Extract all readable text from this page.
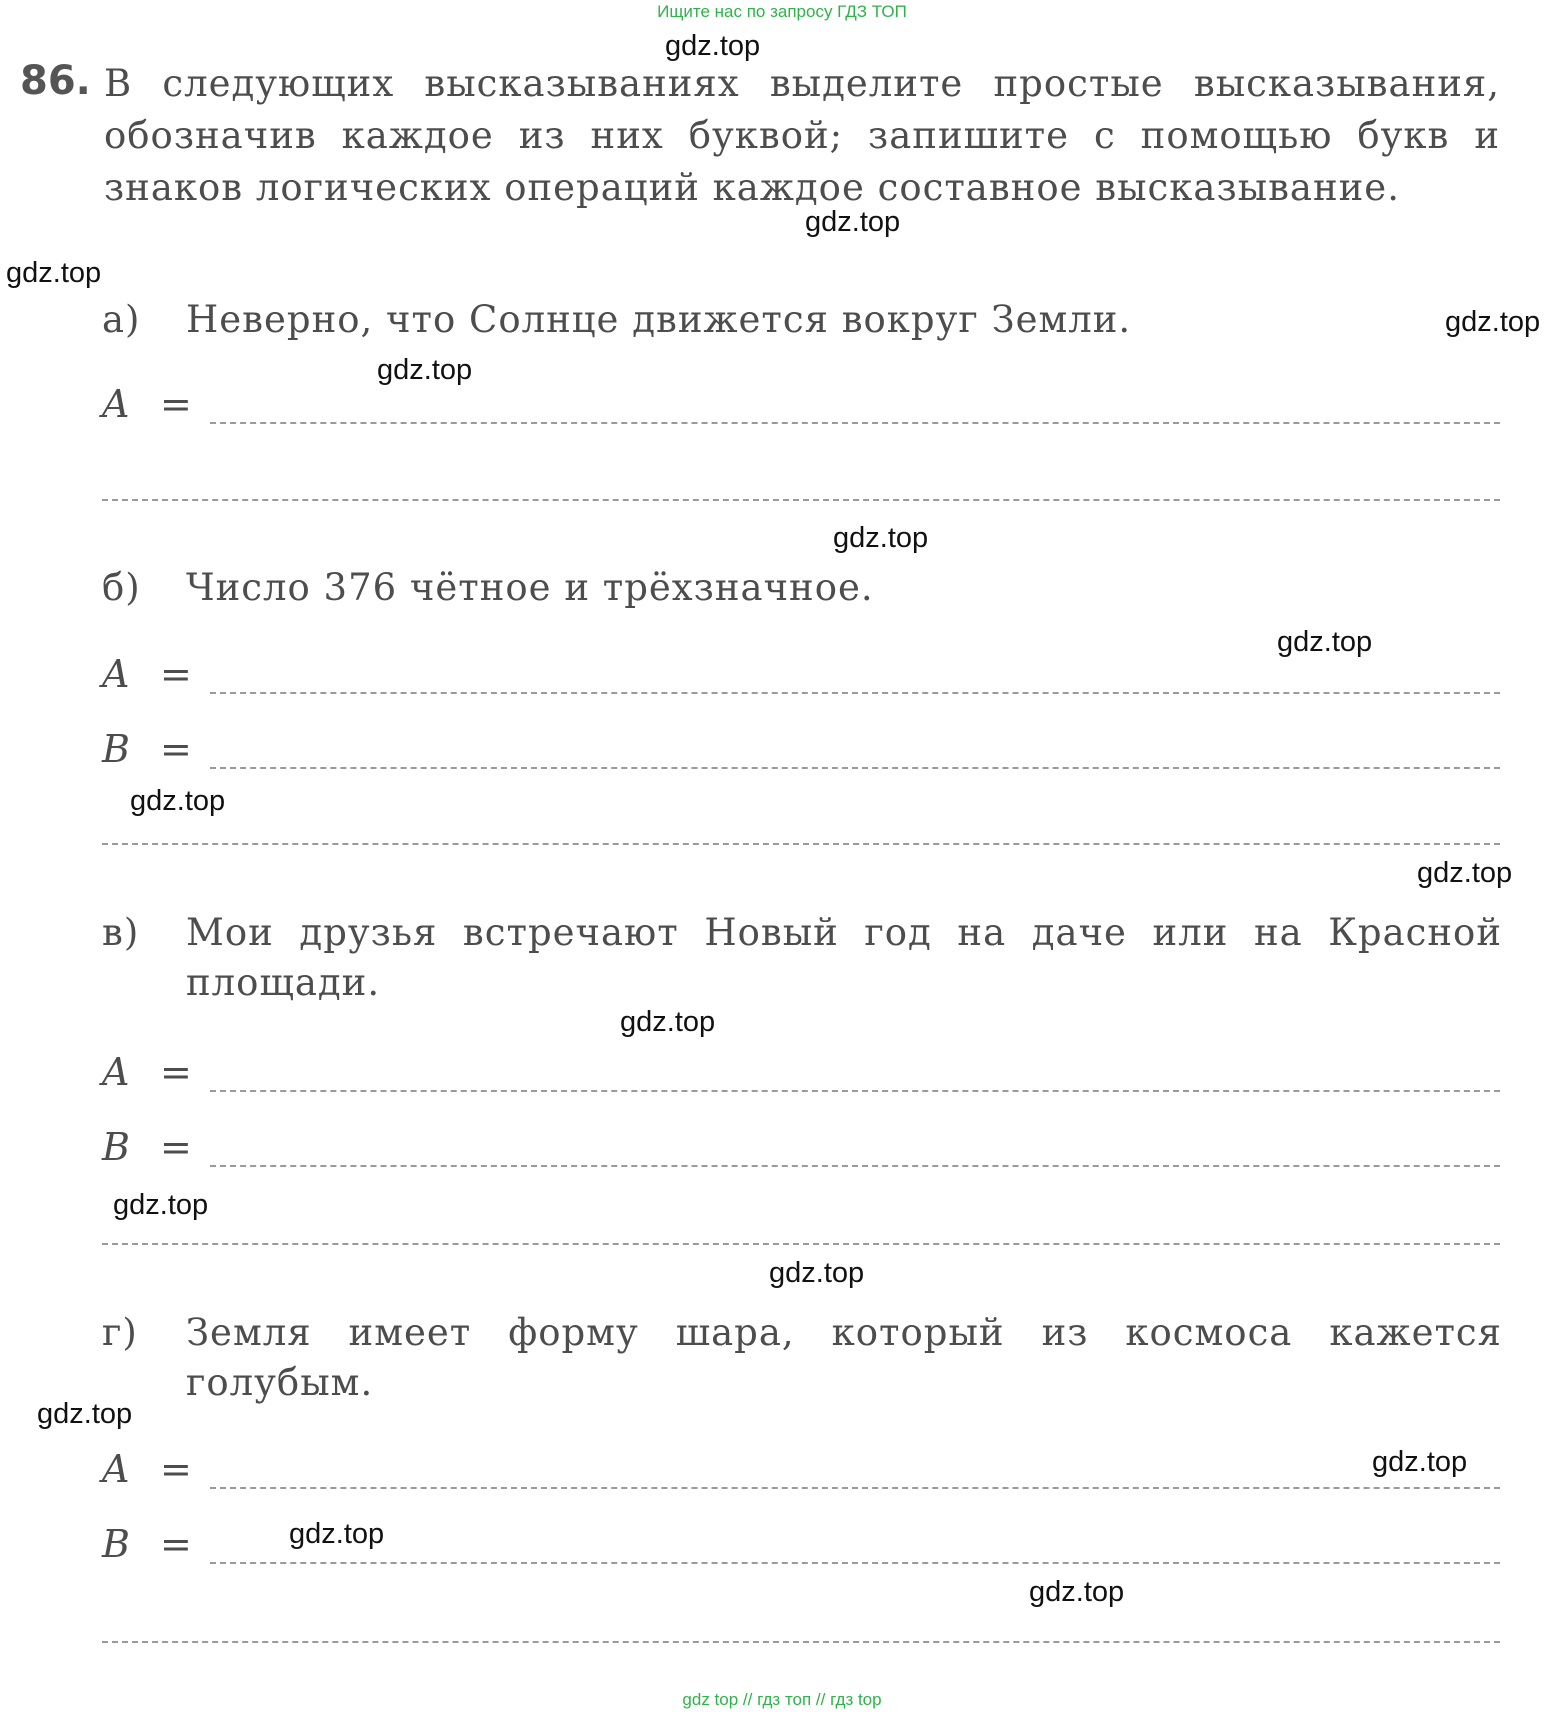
Ищите нас по запросу ГДЗ ТОП
86. В следующих высказываниях выделите простые высказывания, обозначив каждое из них буквой; запишите с помощью букв и знаков логических операций каждое составное высказывание.
а) Неверно, что Солнце движется вокруг Земли.
A =
б) Число 376 чётное и трёхзначное.
A =
B =
в) Мои друзья встречают Новый год на даче или на Красной площади.
A =
B =
г) Земля имеет форму шара, который из космоса кажется голубым.
A =
B =
gdz.top
gdz.top
gdz.top
gdz.top
gdz.top
gdz.top
gdz.top
gdz.top
gdz.top
gdz.top
gdz.top
gdz.top
gdz.top
gdz.top
gdz.top
gdz.top
gdz top // гдз топ // гдз top
